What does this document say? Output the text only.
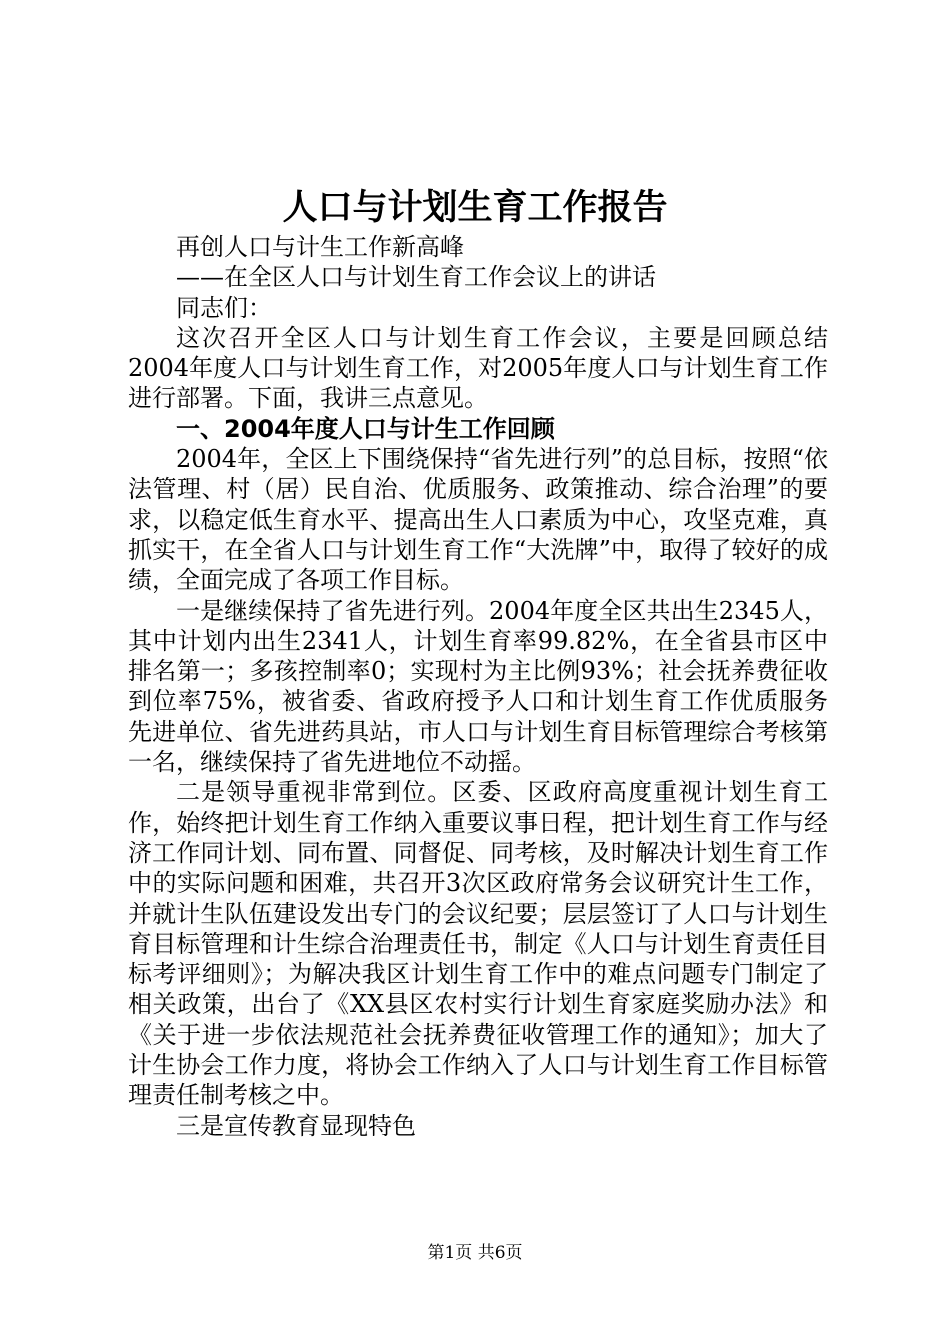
人口与计划生育工作报告

再创人口与计生工作新高峰

——在全区人口与计划生育工作会议上的讲话

同志们：

这次召开全区人口与计划生育工作会议，主要是回顾总结2004年度人口与计划生育工作，对2005年度人口与计划生育工作进行部署。下面，我讲三点意见。

一、2004年度人口与计生工作回顾

2004年，全区上下围绕保持“省先进行列”的总目标，按照“依法管理、村（居）民自治、优质服务、政策推动、综合治理”的要求，以稳定低生育水平、提高出生人口素质为中心，攻坚克难，真抓实干，在全省人口与计划生育工作“大洗牌”中，取得了较好的成绩，全面完成了各项工作目标。

一是继续保持了省先进行列。2004年度全区共出生2345人，其中计划内出生2341人，计划生育率99.82%，在全省县市区中排名第一；多孩控制率0；实现村为主比例93%；社会抚养费征收到位率75%，被省委、省政府授予人口和计划生育工作优质服务先进单位、省先进药具站，市人口与计划生育目标管理综合考核第一名，继续保持了省先进地位不动摇。

二是领导重视非常到位。区委、区政府高度重视计划生育工作，始终把计划生育工作纳入重要议事日程，把计划生育工作与经济工作同计划、同布置、同督促、同考核，及时解决计划生育工作中的实际问题和困难，共召开3次区政府常务会议研究计生工作，并就计生队伍建设发出专门的会议纪要；层层签订了人口与计划生育目标管理和计生综合治理责任书，制定《人口与计划生育责任目标考评细则》；为解决我区计划生育工作中的难点问题专门制定了相关政策，出台了《XX县区农村实行计划生育家庭奖励办法》和《关于进一步依法规范社会抚养费征收管理工作的通知》；加大了计生协会工作力度，将协会工作纳入了人口与计划生育工作目标管理责任制考核之中。

三是宣传教育显现特色

第1页 共6页
